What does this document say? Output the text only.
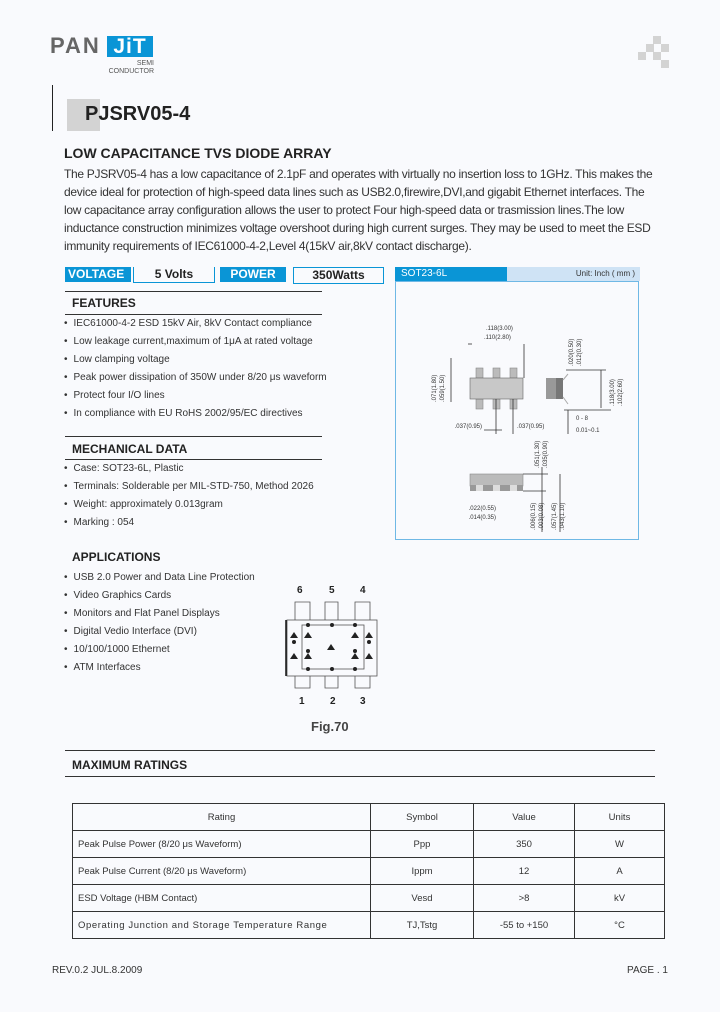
PAN JiT
SEMI
CONDUCTOR
PJSRV05-4
LOW CAPACITANCE TVS DIODE ARRAY
The PJSRV05-4 has a low capacitance of 2.1pF and operates with virtually no insertion loss to 1GHz. This makes the device ideal for protection of high-speed data lines such as USB2.0,firewire,DVI,and gigabit Ethernet interfaces. The low capacitance array configuration allows the user to protect Four high-speed data or trasmission lines.The low inductance construction minimizes voltage overshoot during high current surges. They may be used to meet the ESD immunity requirements of IEC61000-4-2,Level 4(15kV air,8kV contact discharge).
VOLTAGE	5 Volts	POWER	350Watts
FEATURES
• IEC61000-4-2 ESD 15kV Air, 8kV Contact compliance
• Low leakage current,maximum of 1μA at rated voltage
• Low clamping voltage
• Peak power dissipation of 350W under 8/20 μs waveform
• Protect four I/O lines
• In compliance with EU RoHS 2002/95/EC directives
MECHANICAL DATA
• Case: SOT23-6L, Plastic
• Terminals: Solderable per MIL-STD-750, Method 2026
• Weight: approximately 0.013gram
• Marking : 054
APPLICATIONS
• USB 2.0 Power and Data Line Protection
• Video Graphics Cards
• Monitors and Flat Panel Displays
• Digital Vedio Interface (DVI)
• 10/100/1000 Ethernet
• ATM Interfaces
SOT23-6L	Unit: Inch ( mm )
.118(3.00)
.110(2.80)
.071(1.80) .059(1.50)
.037(0.95)	.037(0.95)
.020(0.50) .012(0.30)
.118(3.00) .102(2.60)
0 - 8
0.01~0.1
.051(1.30) .035(0.90)
.022(0.55)
.014(0.35)	.006(0.15) .003(0.08) .057(1.45) .043(1.10)
6	5	4
1	2 3
Fig.70
MAXIMUM RATINGS
Rating	Symbol	Value	Units
Peak Pulse Power (8/20 μs Waveform)	Ppp	350	W
Peak Pulse Current (8/20 μs Waveform)	Ippm	12	A
ESD Voltage (HBM Contact)	Vesd	>8	kV
Operating Junction and Storage Temperature Range	TJ,Tstg	-55 to +150	°C
REV.0.2 JUL.8.2009	PAGE . 1
